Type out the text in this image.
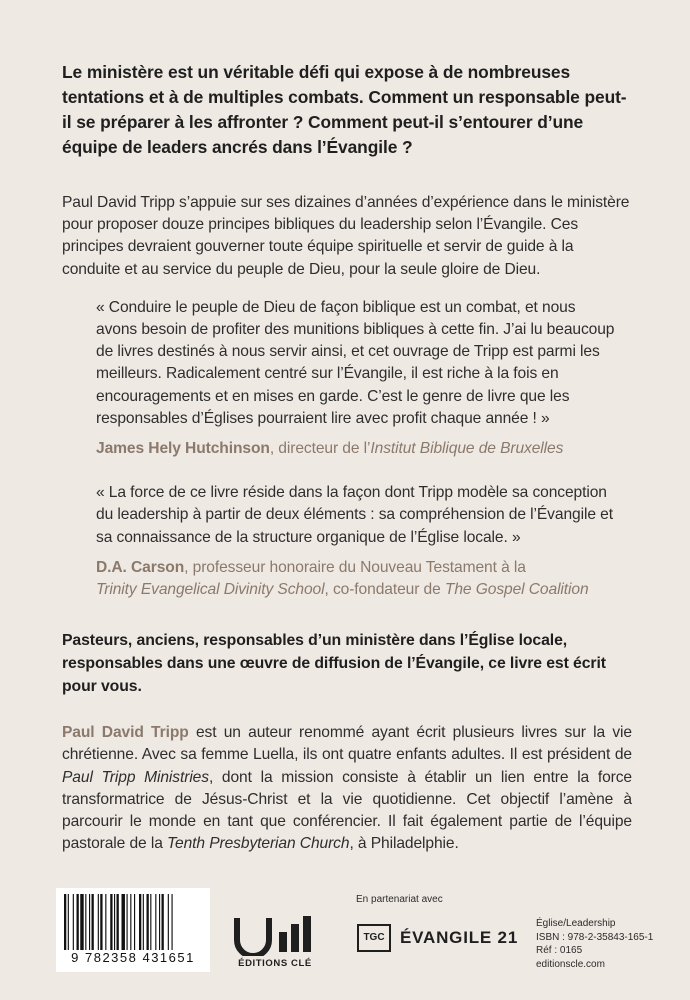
Le ministère est un véritable défi qui expose à de nombreuses tentations et à de multiples combats. Comment un responsable peut-il se préparer à les affronter ? Comment peut-il s’entourer d’une équipe de leaders ancrés dans l’Évangile ?

Paul David Tripp s’appuie sur ses dizaines d’années d’expérience dans le ministère pour proposer douze principes bibliques du leadership selon l’Évangile. Ces principes devraient gouverner toute équipe spirituelle et servir de guide à la conduite et au service du peuple de Dieu, pour la seule gloire de Dieu.

« Conduire le peuple de Dieu de façon biblique est un combat, et nous avons besoin de profiter des munitions bibliques à cette fin. J’ai lu beaucoup de livres destinés à nous servir ainsi, et cet ouvrage de Tripp est parmi les meilleurs. Radicalement centré sur l’Évangile, il est riche à la fois en encouragements et en mises en garde. C’est le genre de livre que les responsables d’Églises pourraient lire avec profit chaque année ! »

James Hely Hutchinson, directeur de l’Institut Biblique de Bruxelles

« La force de ce livre réside dans la façon dont Tripp modèle sa conception du leadership à partir de deux éléments : sa compréhension de l’Évangile et sa connaissance de la structure organique de l’Église locale. »

D.A. Carson, professeur honoraire du Nouveau Testament à la
Trinity Evangelical Divinity School, co-fondateur de The Gospel Coalition

Pasteurs, anciens, responsables d’un ministère dans l’Église locale, responsables dans une œuvre de diffusion de l’Évangile, ce livre est écrit pour vous.

Paul David Tripp est un auteur renommé ayant écrit plusieurs livres sur la vie chrétienne. Avec sa femme Luella, ils ont quatre enfants adultes. Il est président de Paul Tripp Ministries, dont la mission consiste à établir un lien entre la force transformatrice de Jésus-Christ et la vie quotidienne. Cet objectif l’amène à parcourir le monde en tant que conférencier. Il fait également partie de l’équipe pastorale de la Tenth Presbyterian Church, à Philadelphie.

9 782358 431651	ÉDITIONS CLÉ
En partenariat avec
TGC ÉVANGILE 21
Église/Leadership
ISBN : 978-2-35843-165-1
Réf : 0165
editionscle.com
